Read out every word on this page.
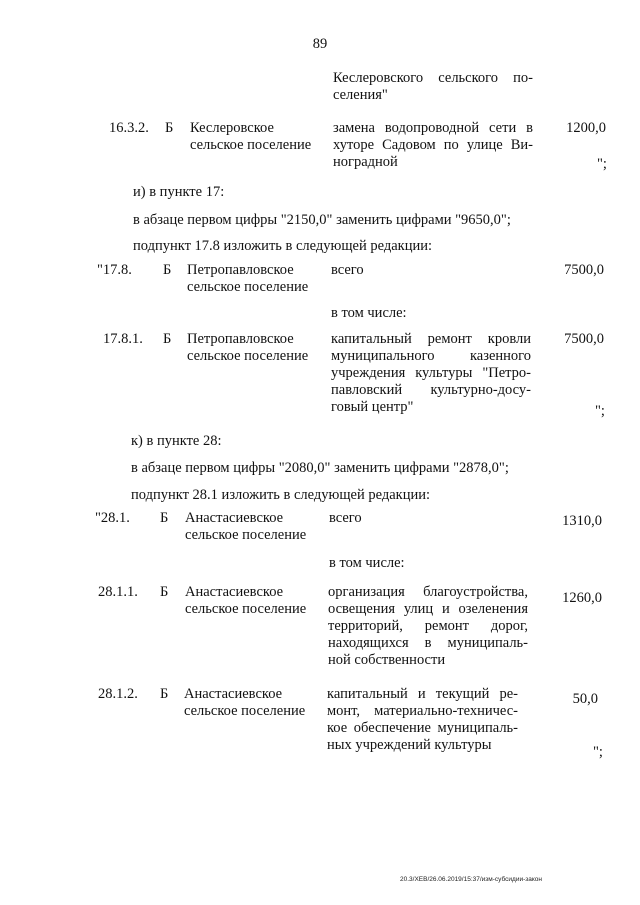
89
Кеслеровского сельского по-
селения"
16.3.2. Б Кеслеровское
сельское поселение
замена водопроводной сети в
хуторе Садовом по улице Ви-
ноградной
1200,0
";
и) в пункте 17:
в абзаце первом цифры "2150,0" заменить цифрами "9650,0";
подпункт 17.8 изложить в следующей редакции:
"17.8. Б Петропавловское
сельское поселение
всего	7500,0
в том числе:
17.8.1. Б Петропавловское
сельское поселение
капитальный ремонт кровли
муниципального казенного
учреждения культуры "Петро-
павловский культурно-досу-
говый центр"
7500,0
";
к) в пункте 28:
в абзаце первом цифры "2080,0" заменить цифрами "2878,0";
подпункт 28.1 изложить в следующей редакции:
"28.1. Б Анастасиевское
сельское поселение
всего	1310,0
в том числе:
28.1.1. Б Анастасиевское
сельское поселение
организация благоустройства,
освещения улиц и озеленения
территорий, ремонт дорог,
находящихся в муниципаль-
ной собственности
1260,0
28.1.2. Б Анастасиевское
сельское поселение
капитальный и текущий ре-
монт, материально-техничес-
кое обеспечение муниципаль-
ных учреждений культуры
50,0
";
20.3/ХЕВ/26.06.2019/15:37/изм-субсидии-закон
